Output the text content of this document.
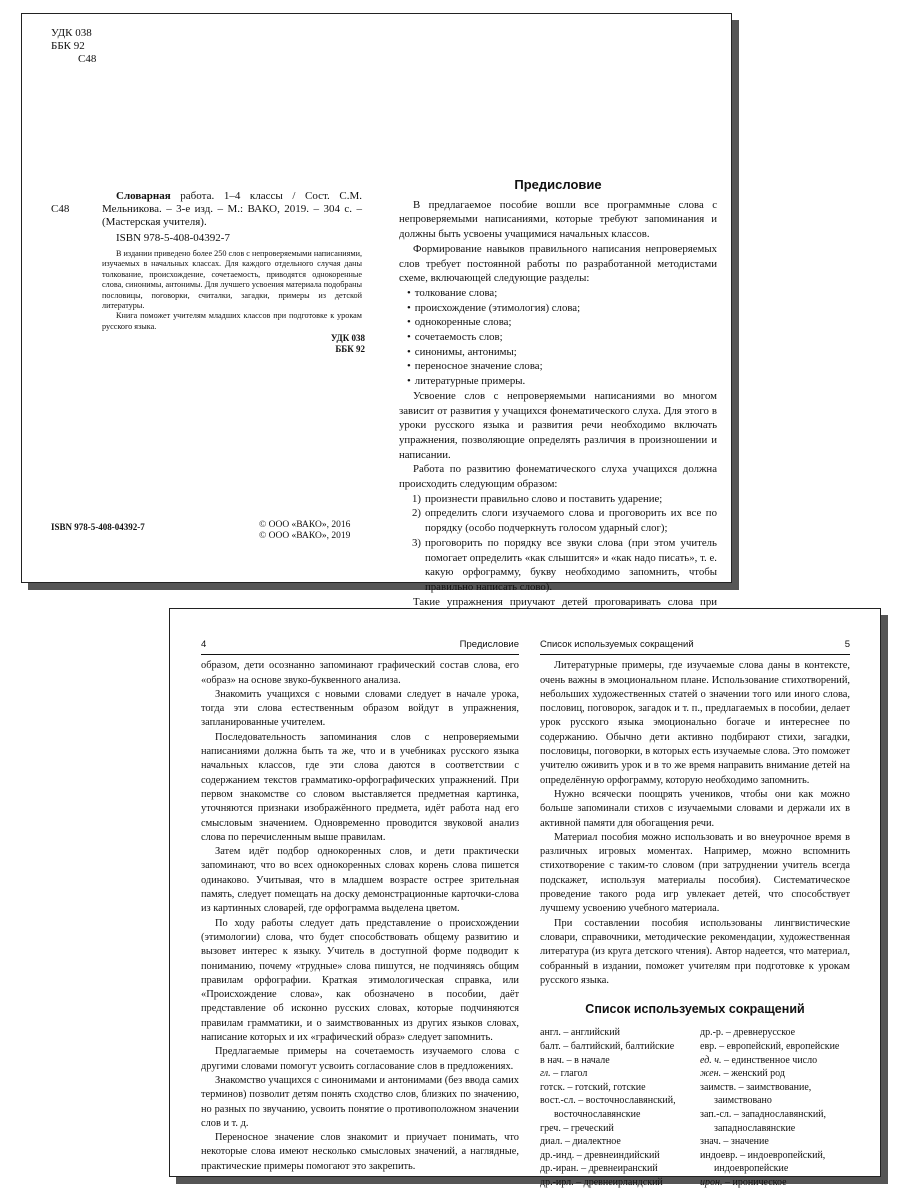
УДК 038
ББК 92
С48
С48
Словарная работа. 1–4 классы / Сост. С.М. Мельникова. – 3-е изд. – М.: ВАКО, 2019. – 304 с. – (Мастерская учителя).
ISBN 978-5-408-04392-7

В издании приведено более 250 слов с непроверяемыми написаниями, изучаемых в начальных классах. Для каждого отдельного случая даны толкование, происхождение, сочетаемость, приводятся однокоренные слова, синонимы, антонимы. Для лучшего усвоения материала подобраны пословицы, поговорки, считалки, загадки, примеры из детской литературы.

Книга поможет учителям младших классов при подготовке к урокам русского языка.

УДК 038
ББК 92
ISBN 978-5-408-04392-7	© ООО «ВАКО», 2016
© ООО «ВАКО», 2019
Предисловие

В предлагаемое пособие вошли все программные слова с непроверяемыми написаниями, которые требуют запоминания и должны быть усвоены учащимися начальных классов.

Формирование навыков правильного написания непроверяемых слов требует постоянной работы по разработанной методистами схеме, включающей следующие разделы:

• толкование слова;
• происхождение (этимология) слова;
• однокоренные слова;
• сочетаемость слов;
• синонимы, антонимы;
• переносное значение слова;
• литературные примеры.

Усвоение слов с непроверяемыми написаниями во многом зависит от развития у учащихся фонематического слуха. Для этого в уроки русского языка и развития речи необходимо включать упражнения, позволяющие определять различия в произношении и написании.

Работа по развитию фонематического слуха учащихся должна происходить следующим образом:

1) произнести правильно слово и поставить ударение;
2) определить слоги изучаемого слова и проговорить их все по порядку (особо подчеркнуть голосом ударный слог);
3) проговорить по порядку все звуки слова (при этом учитель помогает определить «как слышится» и «как надо писать», т. е. какую орфограмму, букву необходимо запомнить, чтобы правильно написать слово).

Такие упражнения приучают детей проговаривать слова при

4	Предисловие

образом, дети осознанно запоминают графический состав слова, его «образ» на основе звуко-буквенного анализа.

Знакомить учащихся с новыми словами следует в начале урока, тогда эти слова естественным образом войдут в упражнения, запланированные учителем.

Последовательность запоминания слов с непроверяемыми написаниями должна быть та же, что и в учебниках русского языка начальных классов, где эти слова даются в соответствии с содержанием текстов грамматико-орфографических упражнений. При первом знакомстве со словом выставляется предметная картинка, уточняются признаки изображённого предмета, идёт работа над его смысловым значением. Одновременно проводится звуковой анализ слова по перечисленным выше правилам.

Затем идёт подбор однокоренных слов, и дети практически запоминают, что во всех однокоренных словах корень слова пишется одинаково. Учитывая, что в младшем возрасте острее зрительная память, следует помещать на доску демонстрационные карточки-слова из картинных словарей, где орфограмма выделена цветом.

По ходу работы следует дать представление о происхождении (этимологии) слова, что будет способствовать общему развитию и вызовет интерес к языку. Учитель в доступной форме подводит к пониманию, почему «трудные» слова пишутся, не подчиняясь общим правилам орфографии. Краткая этимологическая справка, или «Происхождение слова», как обозначено в пособии, даёт представление об исконно русских словах, которые подчиняются правилам грамматики, и о заимствованных из других языков словах, написание которых и их «графический образ» следует запомнить.

Предлагаемые примеры на сочетаемость изучаемого слова с другими словами помогут усвоить согласование слов в предложениях.

Знакомство учащихся с синонимами и антонимами (без ввода самих терминов) позволит детям понять сходство слов, близких по значению, но разных по звучанию, усвоить понятие о противоположном значении слов и т. д.

Переносное значение слов знакомит и приучает понимать, что некоторые слова имеют несколько смысловых значений, а наглядные, практические примеры помогают это закрепить.

Список используемых сокращений	5

Литературные примеры, где изучаемые слова даны в контексте, очень важны в эмоциональном плане. Использование стихотворений, небольших художественных статей о значении того или иного слова, пословиц, поговорок, загадок и т. п., предлагаемых в пособии, делает урок русского языка эмоционально богаче и интереснее по содержанию. Обычно дети активно подбирают стихи, загадки, пословицы, поговорки, в которых есть изучаемые слова. Это поможет учителю оживить урок и в то же время направить внимание детей на определённую орфограмму, которую необходимо запомнить.

Нужно всячески поощрять учеников, чтобы они как можно больше запоминали стихов с изучаемыми словами и держали их в активной памяти для обогащения речи.

Материал пособия можно использовать и во внеурочное время в различных игровых моментах. Например, можно вспомнить стихотворение с таким-то словом (при затруднении учитель всегда подскажет, используя материалы пособия). Систематическое проведение такого рода игр увлекает детей, что способствует лучшему усвоению учебного материала.

При составлении пособия использованы лингвистические словари, справочники, методические рекомендации, художественная литература (из круга детского чтения). Автор надеется, что материал, собранный в издании, поможет учителям при подготовке к урокам русского языка.

Список используемых сокращений
англ. – английский
балт. – балтийский, балтийские
в нач. – в начале
гл. – глагол
готск. – готский, готские
вост.-сл. – восточнославянский, восточнославянские
греч. – греческий
диал. – диалектное
др.-инд. – древнеиндийский
др.-иран. – древнеиранский
др.-ирл. – древнеирландский
др.-р. – древнерусское
евр. – европейский, европейские
ед. ч. – единственное число
жен. – женский род
заимств. – заимствование, заимствовано
зап.-сл. – западнославянский, западнославянские
знач. – значение
индоевр. – индоевропейский, индоевропейские
ирон. – ироническое
